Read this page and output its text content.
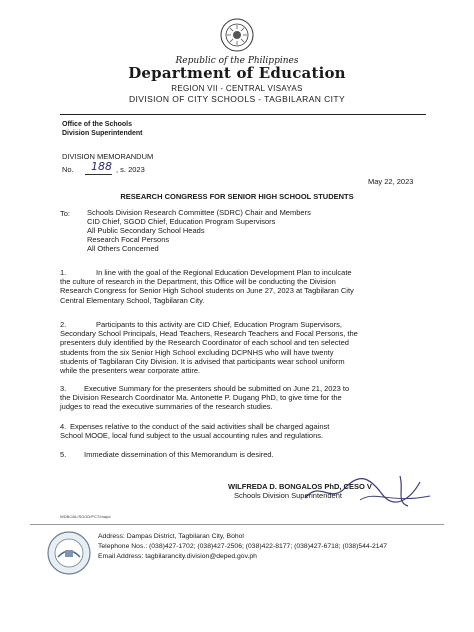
Republic of the Philippines
Department of Education
REGION VII - CENTRAL VISAYAS
DIVISION OF CITY SCHOOLS - TAGBILARAN CITY
Office of the Schools
Division Superintendent
DIVISION MEMORANDUM
No. 188 , s. 2023
May 22, 2023
RESEARCH CONGRESS FOR SENIOR HIGH SCHOOL STUDENTS
To: Schools Division Research Committee (SDRC) Chair and Members
CID Chief, SGOD Chief, Education Program Supervisors
All Public Secondary School Heads
Research Focal Persons
All Others Concerned
1.	In line with the goal of the Regional Education Development Plan to inculcate
the culture of research in the Department, this Office will be conducting the Division
Research Congress for Senior High School students on June 27, 2023 at Tagbilaran City
Central Elementary School, Tagbilaran City.
2.	Participants to this activity are CID Chief, Education Program Supervisors,
Secondary School Principals, Head Teachers, Research Teachers and Focal Persons, the
presenters duly identified by the Research Coordinator of each school and ten selected
students from the six Senior High School excluding DCPNHS who will have twenty
students of Tagbilaran City Division. It is advised that participants wear school uniform
while the presenters wear corporate attire.
3.	Executive Summary for the presenters should be submitted on June 21, 2023 to
the Division Research Coordinator Ma. Antonette P. Dugang PhD, to give time for the
judges to read the executive summaries of the research studies.
4. Expenses relative to the conduct of the said activities shall be charged against
School MOOE, local fund subject to the usual accounting rules and regulations.
5.	Immediate dissemination of this Memorandum is desired.
WILFREDA D. BONGALOS PhD, CESO V
Schools Division Superintendent
WDB/JAL/SGOD/PCT/mapd
Address: Dampas District, Tagbilaran City, Bohol
Telephone Nos.: (038)427-1702; (038)427-2506; (038)422-8177; (038)427-6718; (038)544-2147
Email Address: tagbilarancity.division@deped.gov.ph
